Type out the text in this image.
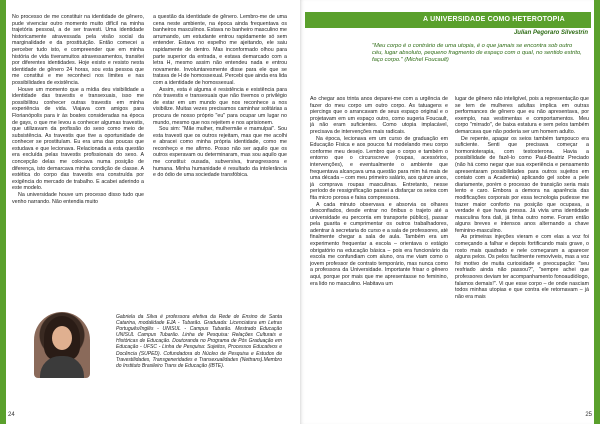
No processo de me constituir na identidade de gênero, pude vivenciar outro momento muito difícil na minha trajetória pessoal, a de ser travesti. Uma identidade historicamente atravessada pela visão social da marginalidade e da prostituição. Então comecei a perceber tudo isto, e compreender que em minha história de vida tiveramuitos atravessamentos, transitei por diferentes identidades. Hoje existo e resisto nesta identidade de gênero 24 horas, sou esta pessoa que me constitui e me reconheci nos limites e nas possibilidades de existência.

Houve um momento que a mídia deu visibilidade a identidade das travestis e transexuais, isso me possibilitou conhecer outras travestis em minha experiência de vida. Viajava com amigos para Florianópolis para ir às boates consideradas na época de gays, o que me levou a conhecer algumas travestis, que utilizavam da profissão do sexo como meio de subsistência. As travestis que tive a oportunidade de conhecer se prostituíam. Eu era uma das poucas que estudava e que lecionava. Relacionada a esta questão era excluída pelas travestis profissionais do sexo. A concepção delas me colocava numa posição de diferença, isto demarcava minha condição de classe. A estética do corpo das travestis era construída por exigência do mercado de trabalho. E acabei aderindo a este modelo.

Na universidade houve um processo disso tudo que venho narrando. Não entendia muito

a questão da identidade de gênero. Lembro-me de uma cena neste ambiente, na época ainda frequentava os banheiros masculinos. Estava no banheiro masculino me arrumando, um estudante entrou rapidamente só sem entender. Estava no espelho me ajeitando, ele saiu rapidamente de dentro. Mas inconformado olhou para parte superior da entrada, e estava demarcado com a letra H, mesmo assim não entendeu nada e entrou novamente. Involuntaresmente disse para ele que se tratava de H de homossexual. Percebi que ainda era lida com a identidade de homossexual.

Assim, esta é alguma é resistência e existência para nós travestis e transexuais que não tivemos o privilégio de estar em um mundo que nos reconhece a nos visibilize. Muitas vezes precisamos caminhar solitárias a procura de nosso próprio "eu" para ocupar um lugar no mundo, mesmo que nos rejeitem e nos aprisionem.

Sou sim: "Mãe mulher, mulhermãe e mamulpai". Sou esta travesti que os outros rejeitam, mas que me acolhi e abracei como minha própria identidade, como me reconheço e me afirmo. Posso não ser aquilo que os outros esperavam ou determinaram, mas sou aquilo que me constitui: ousada, subversiva, transgressora e humana. Minha humanidade é resultado da intolerância e do ódio de uma sociedade transfóbica.

Gabriela da Silva é professora efetiva da Rede de Ensino de Santa Catarina, modalidade EJA - Tubarão. Graduada: Licenciatura em Letras Português/Inglês - UNISUL - Campus Tubarão. Mestrado Educação UNISUL Campus Tubarão. Linha de Pesquisa: Relações Culturais e Históricas de Educação. Doutoranda no Programa de Pós Graduação em Educação - UFSC - Linha de Pesquisa: Sujeitos, Processos Educativos e Docência (SUPED). Cofundadora do Núcleo de Pesquisa e Estudos de Travestilidades, Transgeneridades e Transexualidades (Nettrans).Membro do Instituto Brasileiro Trans de Educação (IBTE).
24	25
A UNIVERSIDADE COMO HETEROTOPIA TRANS	Julian Pegoraro Silvestrin
"Meu corpo é o contrário de uma utopia, é o que jamais se encontra sob outro céu, lugar absoluto, pequeno fragmento de espaço com o qual, no sentido estrito, faço corpo." (Michel Foucault)

Ao chegar aos trinta anos deparei-me com a urgência de fazer do meu corpo um outro corpo. As tatuagens e piercings que o arrancavam de seus espaço original e o projetavam em um espaço outro, como sugeria Foucault, já não eram suficientes. Como utopia implacável, precisava de intervenções mais radicais.

Na época, lecionava em um curso de graduação em Educação Física e aos poucos fui modelando meu corpo conforme meu desejo. Lembro que o corpo e também o entorno que o circunscreve (roupas, acessórios, intervenções), e eventualmente o ambiente que frequentava alcançava uma questão para mim há mais de uma década – com meu primeiro salário, aos quinze anos, já comprava roupas masculinas. Entretanto, nesse período de ressignificação passei a disfarçar os seios com fita micro porosa e faixa compressora.

A cada minuto observava e absorvia os olhares desconfiados, desde entrar no ônibus o trajeto até a universidade eu percorria em transporte público), passar pela guarita e cumprimentar os outros trabalhadores, adentrar à secretaria do curso e a sala de professores, até finalmente chegar a sala de aula. Também era um experimento frequentar a escola – orientava o estágio obrigatório na educação básica – pois era funcionário da escola me confundiam com aluno, ora me viam como o jovem professor de contrato temporário, mas nunca como a professora da Universidade. Importante frisar o gênero aqui, porque por mais que me apresentasse no feminino, era lido no masculino. Habitava um

lugar de gênero não inteligível, pois a representação que se tem de mulheres adultas implica em outras performances de gênero que eu não apresentava, por exemplo, nas vestimentas e comportamentos. Meu corpo "mirrado", de baixa estatura e sem pelos também demarcava que não poderia ser um homem adulto.

De repente, apagar os seios também tampouco era suficiente. Senti que precisava começar a hormonioterapia, com testosterona. Havia a possibilidade de fazê-lo como Paul-Beatriz Preciado (não há como negar que sua experiência e pensamento apresentaram possibilidades para outros sujeitos em contato com a Academia) aplicando gel sobre a pele diariamente, porém o processo de transição seria mais lento e caro. Embora a demora na aparência das modificações corporais por essa tecnologia pudesse me trazer maior conforto na posição que ocupava, a verdade é que havia pressa. Já vivia uma identidade masculina fora dali, já tinha outro nome. Foram então alguns breves e intensos anos alternando a chave feminino-masculino.

As primeiras injeções vieram e com elas a voz foi começando a falhar e depois fortificando mais grave, o rosto mais quadrado e nele começaram a aparecer alguns pelos. Os pelos facilmente removíveis, mas a voz foi motivo de muita curiosidade e preocupação: "seu resfriado ainda não passou?", "sempre achei que professores deviam ter acompanhamento fonoaudiólogo, falamos demais!". Vi que esse corpo – de onde nasciam todos minhas utopias e que contra ele retornavam – já não era mais
